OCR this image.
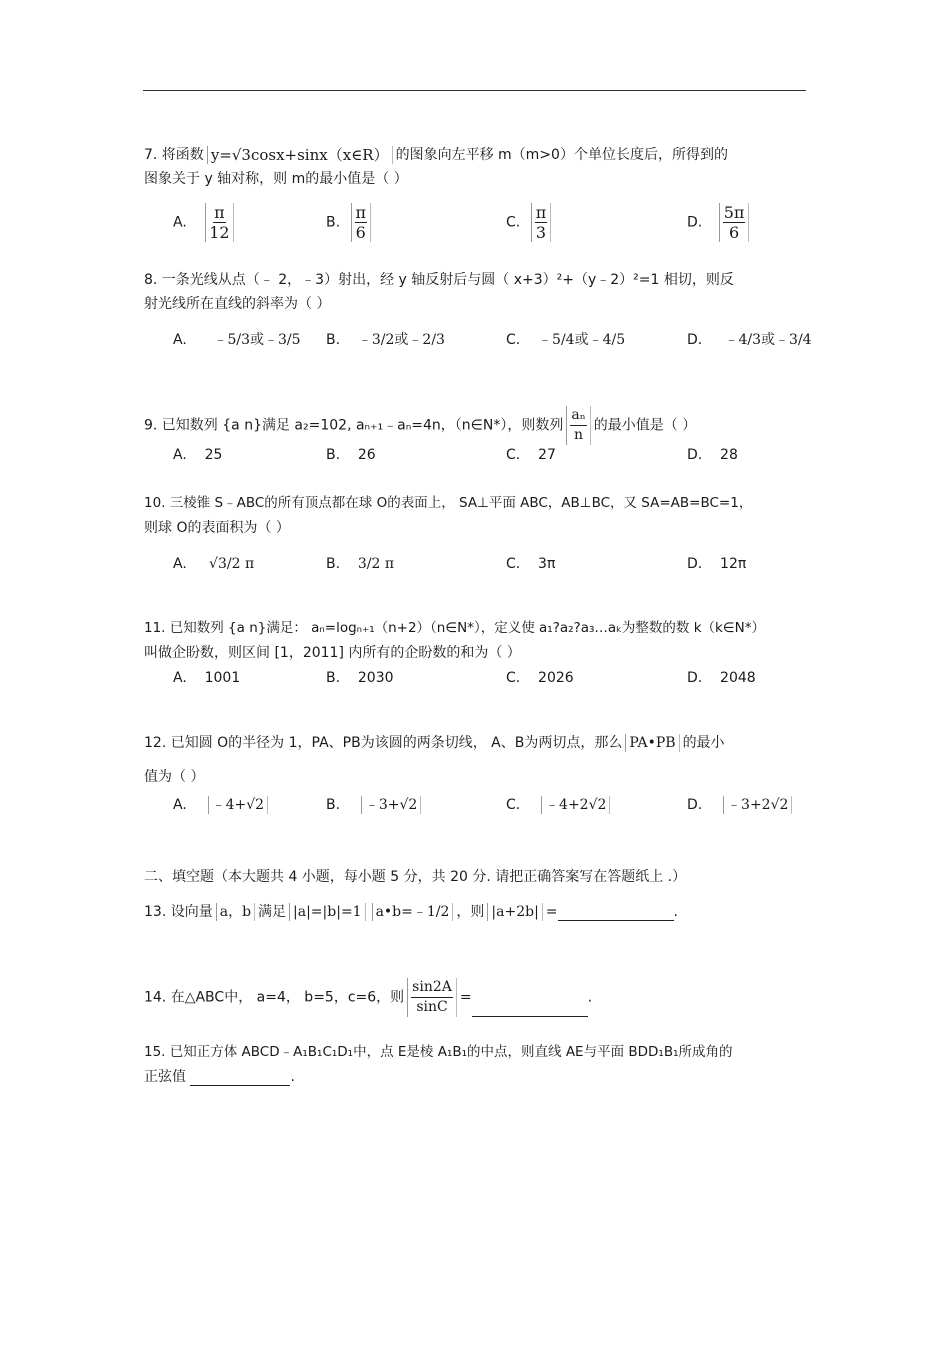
7. 将函数 y=√3cosx+sinx（x∈R） 的图象向左平移 m（m>0）个单位长度后，所得到的
图象关于 y 轴对称，则 m的最小值是（ ）
A. $\frac{\pi}{12}$	B. $\frac{\pi}{6}$	C. $\frac{\pi}{3}$	D. $\frac{5\pi}{6}$
8. 一条光线从点（﹣ 2，﹣3）射出，经 y 轴反射后与圆（ x+3）²+（y﹣2）²=1 相切，则反
射光线所在直线的斜率为（ ）
A. ﹣5/3或﹣3/5 B. ﹣3/2或﹣2/3	C. ﹣5/4或﹣4/5	D. ﹣4/3或﹣3/4
9. 已知数列 {a n}满足 a₂=102, aₙ₊₁﹣aₙ=4n，（n∈N*），则数列 $\frac{\text{aₙ}}{n}$ 的最小值是（ ）
A. 25	B. 26	C. 27	D. 28
10. 三棱锥 S﹣ABC的所有顶点都在球 O的表面上， SA⊥平面 ABC，AB⊥BC，又 SA=AB=BC=1，
则球 O的表面积为（ ）
A. √3/2 π	B. 3/2 π	C. 3π	D. 12π
11. 已知数列 {a n}满足： aₙ=logₙ₊₁（n+2）（n∈N*），定义使 a₁?a₂?a₃…aₖ为整数的数 k（k∈N*）
叫做企盼数，则区间 [1，2011] 内所有的企盼数的和为（ ）
A. 1001	B. 2030	C. 2026	D. 2048
12. 已知圆 O的半径为 1，PA、PB为该圆的两条切线， A、B为两切点，那么 PA•PB 的最小
值为（ ）
A. ﹣4+√2	B. ﹣3+√2	C. ﹣4+2√2	D. ﹣3+2√2
二、填空题（本大题共 4 小题，每小题 5 分，共 20 分. 请把正确答案写在答题纸上 .）
13. 设向量 a，b 满足 |a|=|b|=1 a•b=﹣1/2 ，则 |a+2b| =	.
14. 在△ABC中， a=4， b=5，c=6，则 $\frac{\sin 2A}{\sin C}$ =	.
15. 已知正方体 ABCD﹣A₁B₁C₁D₁中，点 E是棱 A₁B₁的中点，则直线 AE与平面 BDD₁B₁所成角的
正弦值	.
